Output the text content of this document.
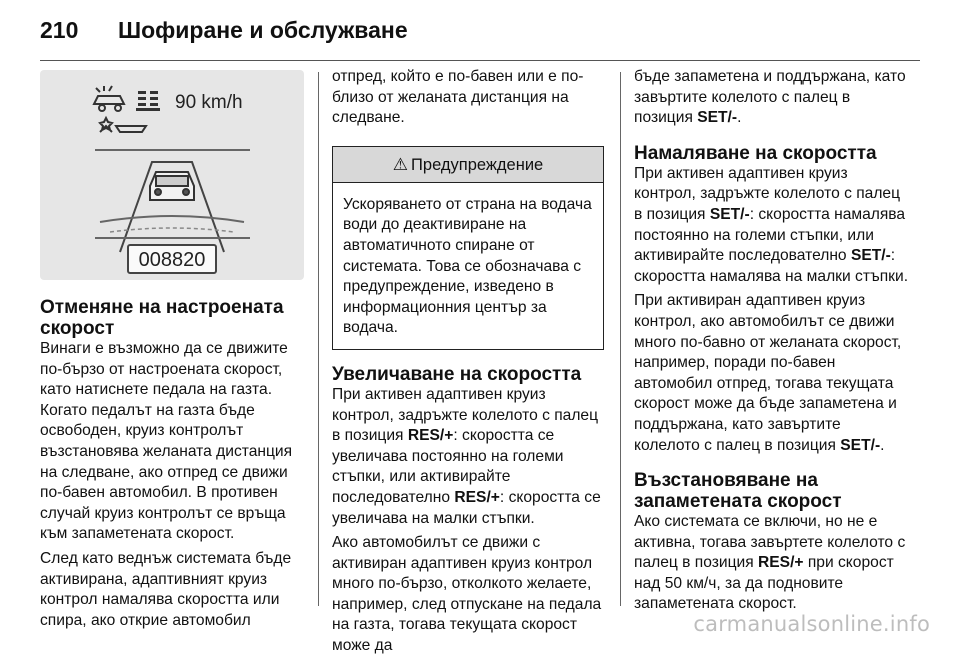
210	Шофиране и обслужване
90 km/h
008820
Отменяне на настроената скорост

Винаги е възможно да се движите по-бързо от настроената скорост, като натиснете педала на газта. Когато педалът на газта бъде освободен, круиз контролът възстановява желаната дистанция на следване, ако отпред се движи по-бавен автомобил. В противен случай круиз контролът се връща към запаметената скорост.

След като веднъж системата бъде активирана, адаптивният круиз контрол намалява скоростта или спира, ако открие автомобил

отпред, който е по-бавен или е по-близо от желаната дистанция на следване.

⚠ Предупреждение
Ускоряването от страна на водача води до деактивиране на автоматичното спиране от системата. Това се обозначава с предупреждение, изведено в информационния център за водача.
Увеличаване на скоростта

При активен адаптивен круиз контрол, задръжте колелото с палец в позиция RES/+: скоростта се увеличава постоянно на големи стъпки, или активирайте последователно RES/+: скоростта се увеличава на малки стъпки.

Ако автомобилът се движи с активиран адаптивен круиз контрол много по-бързо, отколкото желаете, например, след отпускане на педала на газта, тогава текущата скорост може да

бъде запаметена и поддържана, като завъртите колелото с палец в позиция SET/-.

Намаляване на скоростта

При активен адаптивен круиз контрол, задръжте колелото с палец в позиция SET/-: скоростта намалява постоянно на големи стъпки, или активирайте последователно SET/-: скоростта намалява на малки стъпки.

При активиран адаптивен круиз контрол, ако автомобилът се движи много по-бавно от желаната скорост, например, поради по-бавен автомобил отпред, тогава текущата скорост може да бъде запаметена и поддържана, като завъртите колелото с палец в позиция SET/-.

Възстановяване на запаметената скорост

Ако системата се включи, но не е активна, тогава завъртете колелото с палец в позиция RES/+ при скорост над 50 км/ч, за да подновите запаметената скорост.

carmanualsonline.info
